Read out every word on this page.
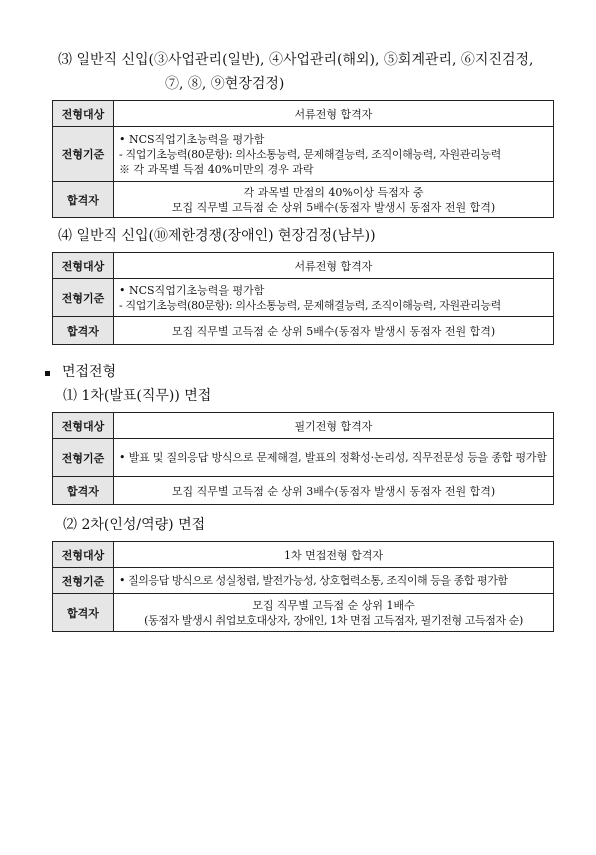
⑶ 일반직 신입(③사업관리(일반), ④사업관리(해외), ⑤회계관리, ⑥지진검정,
⑦, ⑧, ⑨현장검정)
전형대상	서류전형 합격자
전형기준	• NCS직업기초능력을 평가함
- 직업기초능력(80문항): 의사소통능력, 문제해결능력, 조직이해능력, 자원관리능력
※ 각 과목별 득점 40%미만의 경우 과락

합격자	각 과목별 만점의 40%이상 득점자 중
모집 직무별 고득점 순 상위 5배수(동점자 발생시 동점자 전원 합격)
⑷ 일반직 신입(⑩제한경쟁(장애인) 현장검정(남부))
전형대상	서류전형 합격자
전형기준	• NCS직업기초능력을 평가함
- 직업기초능력(80문항): 의사소통능력, 문제해결능력, 조직이해능력, 자원관리능력

합격자	모집 직무별 고득점 순 상위 5배수(동점자 발생시 동점자 전원 합격)
면접전형
⑴ 1차(발표(직무)) 면접
전형대상	필기전형 합격자
전형기준	• 발표 및 질의응답 방식으로 문제해결, 발표의 정확성·논리성, 직무전문성 등을 종합 평가함

합격자	모집 직무별 고득점 순 상위 3배수(동점자 발생시 동점자 전원 합격)
⑵ 2차(인성/역량) 면접
전형대상	1차 면접전형 합격자
전형기준	• 질의응답 방식으로 성실청렴, 발전가능성, 상호협력소통, 조직이해 등을 종합 평가함

합격자	모집 직무별 고득점 순 상위 1배수
(동점자 발생시 취업보호대상자, 장애인, 1차 면접 고득점자, 필기전형 고득점자 순)
